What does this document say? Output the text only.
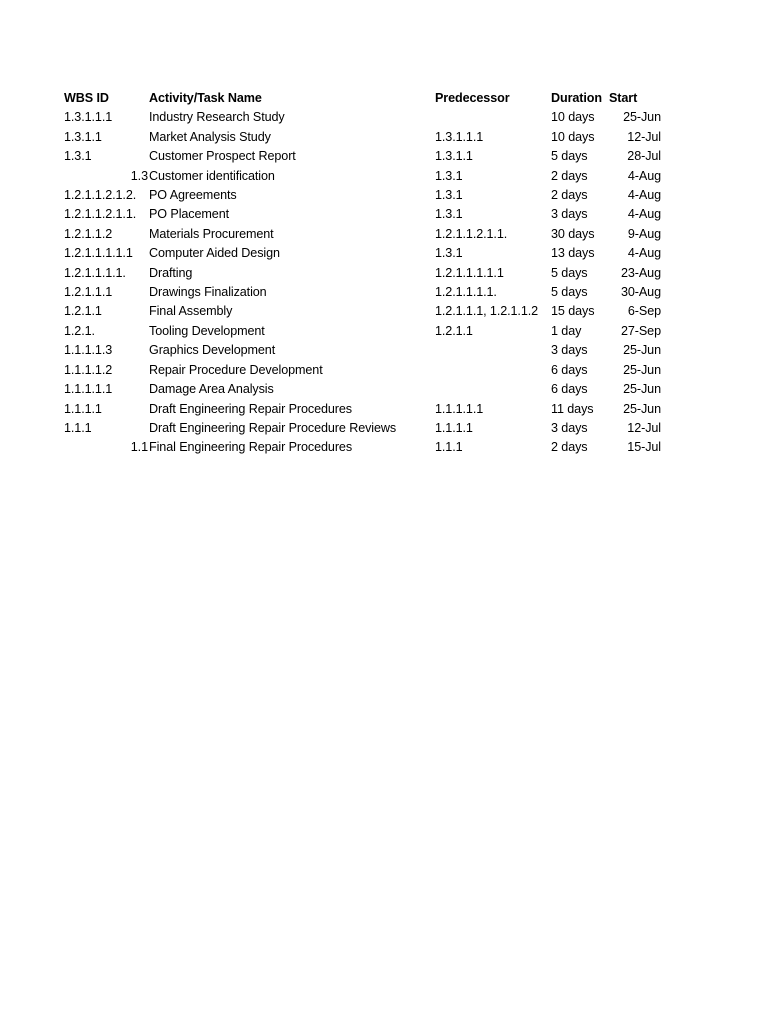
WBS ID	Activity/Task Name	Predecessor	Duration	Start
1.3.1.1.1	Industry Research Study		10 days	25-Jun
1.3.1.1	Market Analysis Study	1.3.1.1.1	10 days	12-Jul
1.3.1	Customer Prospect Report	1.3.1.1	5 days	28-Jul
1.3	Customer identification	1.3.1	2 days	4-Aug
1.2.1.1.2.1.2.	PO Agreements	1.3.1	2 days	4-Aug
1.2.1.1.2.1.1.	PO Placement	1.3.1	3 days	4-Aug
1.2.1.1.2	Materials Procurement	1.2.1.1.2.1.1.	30 days	9-Aug
1.2.1.1.1.1.1	Computer Aided Design	1.3.1	13 days	4-Aug
1.2.1.1.1.1.	Drafting	1.2.1.1.1.1.1	5 days	23-Aug
1.2.1.1.1	Drawings Finalization	1.2.1.1.1.1.	5 days	30-Aug
1.2.1.1	Final Assembly	1.2.1.1.1, 1.2.1.1.2	15 days	6-Sep
1.2.1.	Tooling Development	1.2.1.1	1 day	27-Sep
1.1.1.1.3	Graphics Development		3 days	25-Jun
1.1.1.1.2	Repair Procedure Development		6 days	25-Jun
1.1.1.1.1	Damage Area Analysis		6 days	25-Jun
1.1.1.1	Draft Engineering Repair Procedures	1.1.1.1.1	11 days	25-Jun
1.1.1	Draft Engineering Repair Procedure Reviews	1.1.1.1	3 days	12-Jul
1.1	Final Engineering Repair Procedures	1.1.1	2 days	15-Jul
